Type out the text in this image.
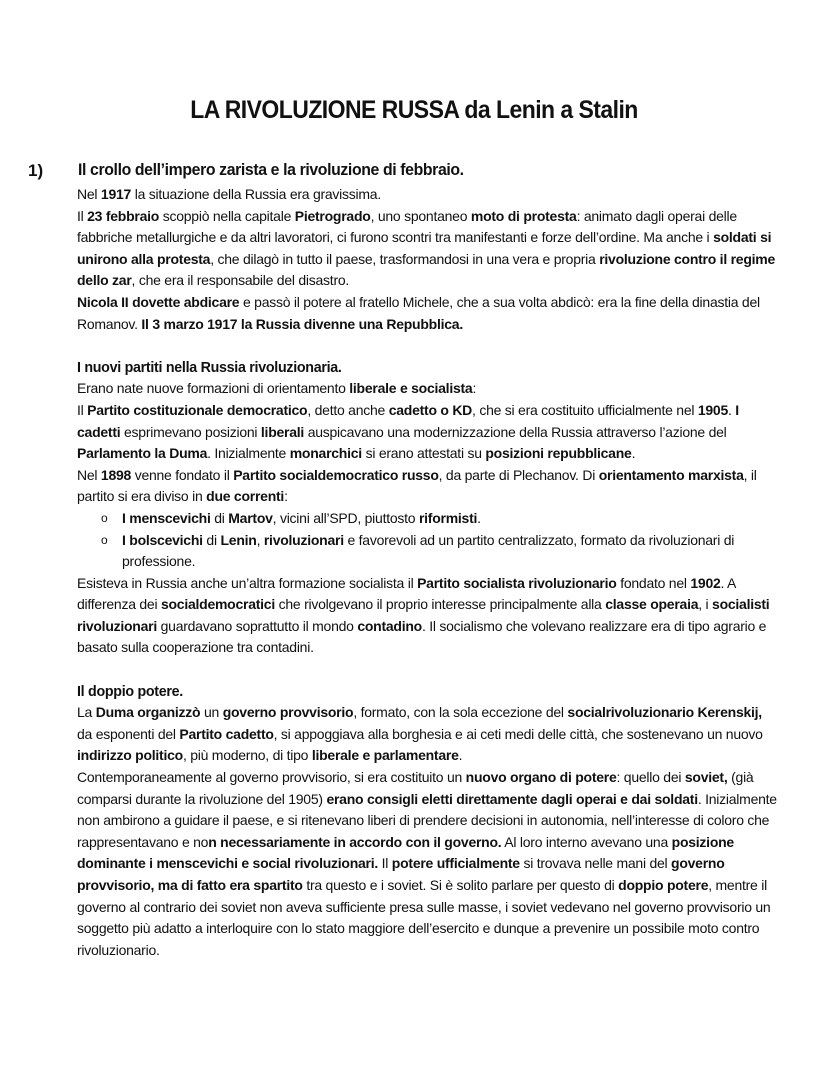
LA RIVOLUZIONE RUSSA da Lenin a Stalin
1) Il crollo dell’impero zarista e la rivoluzione di febbraio.

Nel 1917 la situazione della Russia era gravissima.

Il 23 febbraio scoppiò nella capitale Pietrogrado, uno spontaneo moto di protesta: animato dagli operai delle fabbriche metallurgiche e da altri lavoratori, ci furono scontri tra manifestanti e forze dell’ordine. Ma anche i soldati si unirono alla protesta, che dilagò in tutto il paese, trasformandosi in una vera e propria rivoluzione contro il regime dello zar, che era il responsabile del disastro.

Nicola II dovette abdicare e passò il potere al fratello Michele, che a sua volta abdicò: era la fine della dinastia del Romanov. Il 3 marzo 1917 la Russia divenne una Repubblica.

I nuovi partiti nella Russia rivoluzionaria.

Erano nate nuove formazioni di orientamento liberale e socialista:

Il Partito costituzionale democratico, detto anche cadetto o KD, che si era costituito ufficialmente nel 1905. I cadetti esprimevano posizioni liberali auspicavano una modernizzazione della Russia attraverso l’azione del Parlamento la Duma. Inizialmente monarchici si erano attestati su posizioni repubblicane.

Nel 1898 venne fondato il Partito socialdemocratico russo, da parte di Plechanov. Di orientamento marxista, il partito si era diviso in due correnti:

o I menscevichi di Martov, vicini all’SPD, piuttosto riformisti.
o I bolscevichi di Lenin, rivoluzionari e favorevoli ad un partito centralizzato, formato da rivoluzionari di professione.

Esisteva in Russia anche un’altra formazione socialista il Partito socialista rivoluzionario fondato nel 1902. A differenza dei socialdemocratici che rivolgevano il proprio interesse principalmente alla classe operaia, i socialisti rivoluzionari guardavano soprattutto il mondo contadino. Il socialismo che volevano realizzare era di tipo agrario e basato sulla cooperazione tra contadini.

Il doppio potere.

La Duma organizzò un governo provvisorio, formato, con la sola eccezione del socialrivoluzionario Kerenskij, da esponenti del Partito cadetto, si appoggiava alla borghesia e ai ceti medi delle città, che sostenevano un nuovo indirizzo politico, più moderno, di tipo liberale e parlamentare.

Contemporaneamente al governo provvisorio, si era costituito un nuovo organo di potere: quello dei soviet, (già comparsi durante la rivoluzione del 1905) erano consigli eletti direttamente dagli operai e dai soldati. Inizialmente non ambirono a guidare il paese, e si ritenevano liberi di prendere decisioni in autonomia, nell’interesse di coloro che rappresentavano e non necessariamente in accordo con il governo. Al loro interno avevano una posizione dominante i menscevichi e social rivoluzionari. Il potere ufficialmente si trovava nelle mani del governo provvisorio, ma di fatto era spartito tra questo e i soviet. Si è solito parlare per questo di doppio potere, mentre il governo al contrario dei soviet non aveva sufficiente presa sulle masse, i soviet vedevano nel governo provvisorio un soggetto più adatto a interloquire con lo stato maggiore dell’esercito e dunque a prevenire un possibile moto contro rivoluzionario.
